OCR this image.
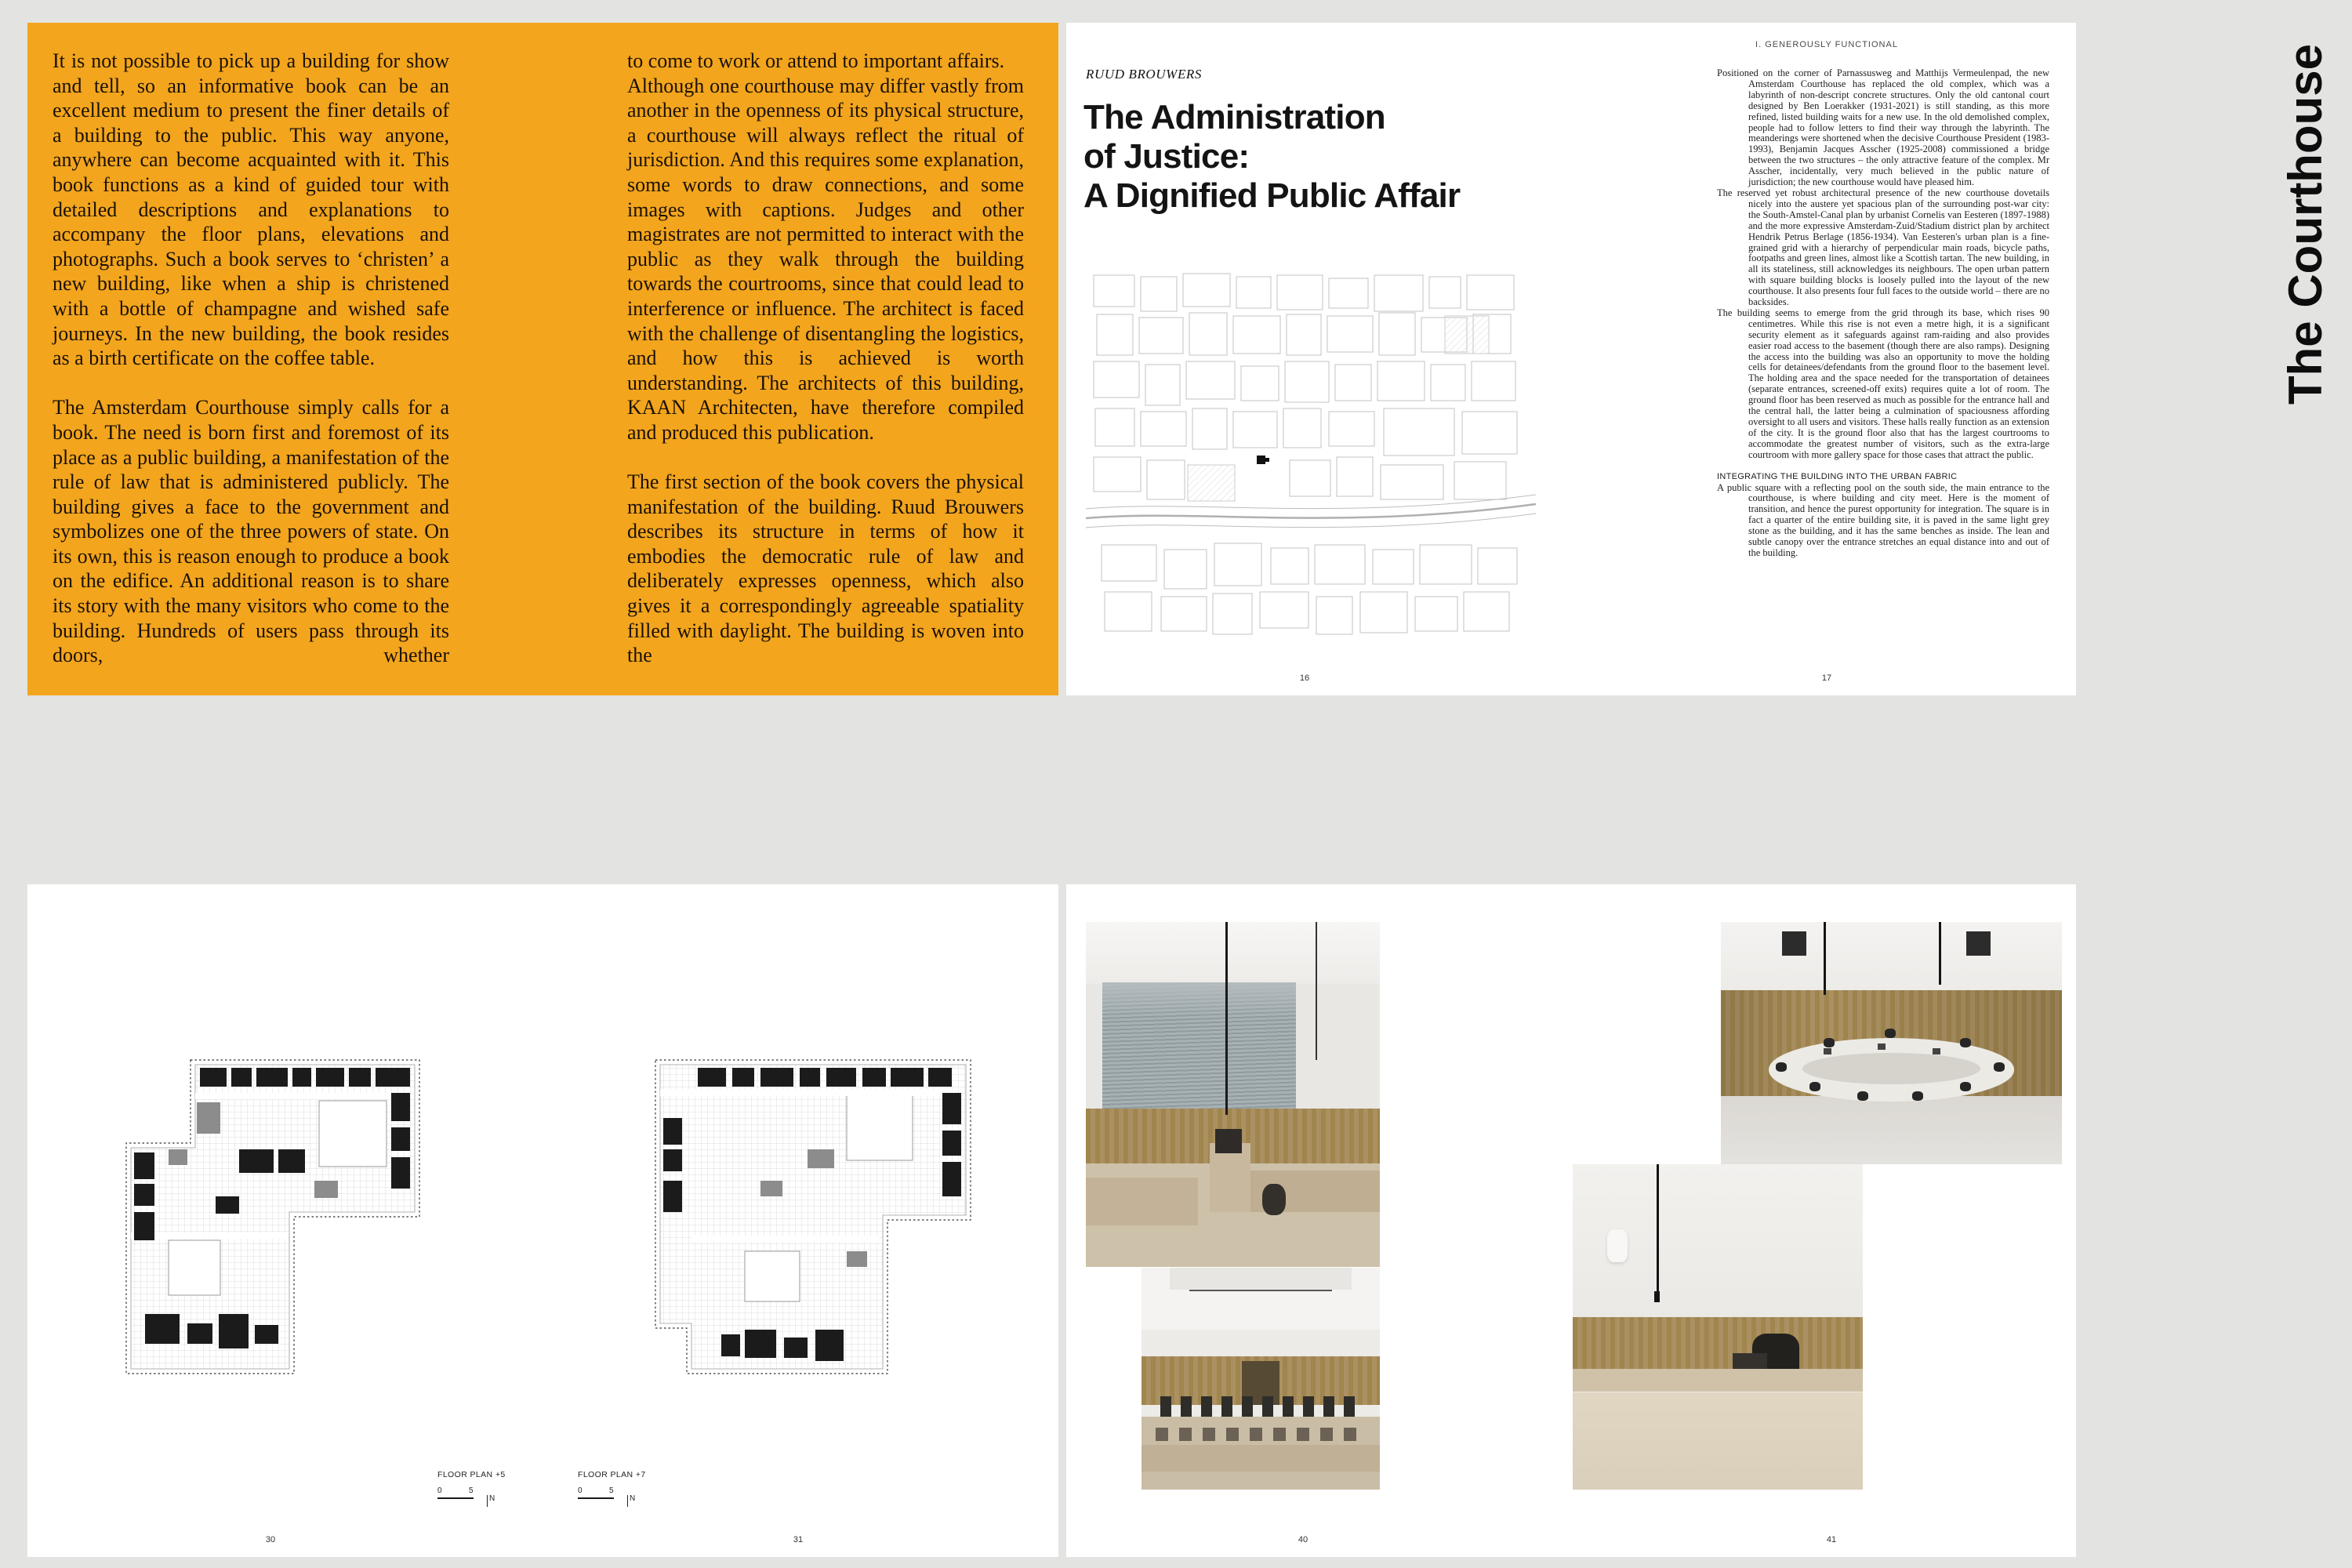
It is not possible to pick up a building for show and tell, so an informative book can be an excellent medium to present the finer details of a building to the public. This way anyone, anywhere can become acquainted with it. This book functions as a kind of guided tour with detailed descriptions and explanations to accompany the floor plans, elevations and photographs. Such a book serves to ‘christen’ a new building, like when a ship is christened with a bottle of champagne and wished safe journeys. In the new building, the book resides as a birth certificate on the coffee table.

The Amsterdam Courthouse simply calls for a book. The need is born first and foremost of its place as a public building, a manifestation of the rule of law that is administered publicly. The building gives a face to the government and symbolizes one of the three powers of state. On its own, this is reason enough to produce a book on the edifice. An additional reason is to share its story with the many visitors who come to the building. Hundreds of users pass through its doors, whether

to come to work or attend to important affairs.

Although one courthouse may differ vastly from another in the openness of its physical structure, a courthouse will always reflect the ritual of jurisdiction. And this requires some explanation, some words to draw connections, and some images with captions. Judges and other magistrates are not permitted to interact with the public as they walk through the building towards the courtrooms, since that could lead to interference or influence. The architect is faced with the challenge of disentangling the logistics, and how this is achieved is worth understanding. The architects of this building, KAAN Architecten, have therefore compiled and produced this publication.

The first section of the book covers the physical manifestation of the building. Ruud Brouwers describes its structure in terms of how it embodies the democratic rule of law and deliberately expresses openness, which also gives it a correspondingly agreeable spatiality filled with daylight. The building is woven into the

I. GENEROUSLY FUNCTIONAL
RUUD BROUWERS
The Administration
of Justice:
A Dignified Public Affair

Positioned on the corner of Parnassusweg and Matthijs Vermeulenpad, the new Amsterdam Courthouse has replaced the old complex, which was a labyrinth of non-descript concrete structures. Only the old cantonal court designed by Ben Loerakker (1931-2021) is still standing, as this more refined, listed building waits for a new use. In the old demolished complex, people had to follow letters to find their way through the labyrinth. The meanderings were shortened when the decisive Courthouse President (1983-1993), Benjamin Jacques Asscher (1925-2008) commissioned a bridge between the two structures – the only attractive feature of the complex. Mr Asscher, incidentally, very much believed in the public nature of jurisdiction; the new courthouse would have pleased him.

The reserved yet robust architectural presence of the new courthouse dovetails nicely into the austere yet spacious plan of the surrounding post-war city: the South-Amstel-Canal plan by urbanist Cornelis van Eesteren (1897-1988) and the more expressive Amsterdam-Zuid/Stadium district plan by architect Hendrik Petrus Berlage (1856-1934). Van Eesteren's urban plan is a fine-grained grid with a hierarchy of perpendicular main roads, bicycle paths, footpaths and green lines, almost like a Scottish tartan. The new building, in all its stateliness, still acknowledges its neighbours. The open urban pattern with square building blocks is loosely pulled into the layout of the new courthouse. It also presents four full faces to the outside world – there are no backsides.

The building seems to emerge from the grid through its base, which rises 90 centimetres. While this rise is not even a metre high, it is a significant security element as it safeguards against ram-raiding and also provides easier road access to the basement (though there are also ramps). Designing the access into the building was also an opportunity to move the holding cells for detainees/defendants from the ground floor to the basement level. The holding area and the space needed for the transportation of detainees (separate entrances, screened-off exits) requires quite a lot of room. The ground floor has been reserved as much as possible for the entrance hall and the central hall, the latter being a culmination of spaciousness affording oversight to all users and visitors. These halls really function as an extension of the city. It is the ground floor also that has the largest courtrooms to accommodate the greatest number of visitors, such as the extra-large courtroom with more gallery space for those cases that attract the public.

INTEGRATING THE BUILDING INTO THE URBAN FABRIC

A public square with a reflecting pool on the south side, the main entrance to the courthouse, is where building and city meet. Here is the moment of transition, and hence the purest opportunity for integration. The square is in fact a quarter of the entire building site, it is paved in the same light grey stone as the building, and it has the same benches as inside. The lean and subtle canopy over the entrance stretches an equal distance into and out of the building.

16	17
FLOOR PLAN +5
0	5
N
FLOOR PLAN +7
0	5
N
30	31	40	41
The Courthouse
